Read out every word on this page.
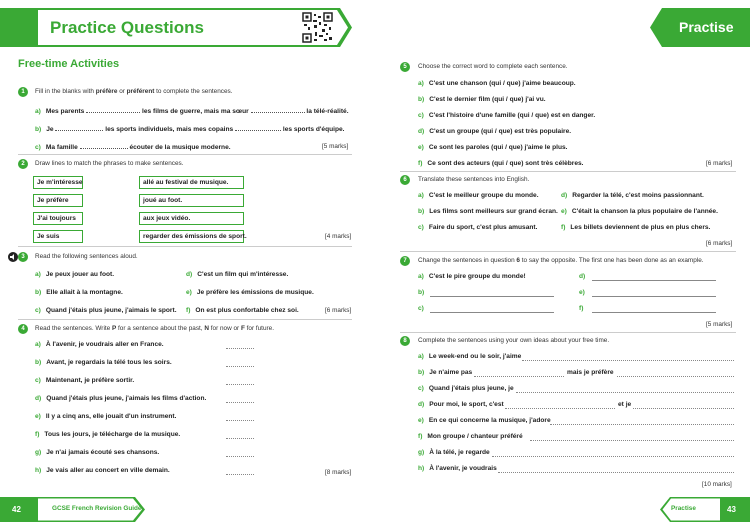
Practice Questions	Practise
Free-time Activities
1	Fill in the blanks with préfère or préférent to complete the sentences.
a) Mes parents	les films de guerre, mais ma sœur	la télé-réalité.
b) Je	les sports individuels, mais mes copains	les sports d'équipe.
c) Ma famille	écouter de la musique moderne.	[5 marks]
2	Draw lines to match the phrases to make sentences.
Je m'intéresse
Je préfère
J'ai toujours
Je suis
allé au festival de musique.
joué au foot.
aux jeux vidéo.
regarder des émissions de sport.	[4 marks]
3	Read the following sentences aloud.
a) Je peux jouer au foot.
b) Elle allait à la montagne.
c) Quand j'étais plus jeune, j'aimais le sport.
d) C'est un film qui m'intéresse.
e) Je préfère les émissions de musique.
f) On est plus confortable chez soi.	[6 marks]
4	Read the sentences. Write P for a sentence about the past, N for now or F for future.
a) À l'avenir, je voudrais aller en France.
b) Avant, je regardais la télé tous les soirs.
c) Maintenant, je préfère sortir.
d) Quand j'étais plus jeune, j'aimais les films d'action.
e) Il y a cinq ans, elle jouait d'un instrument.
f) Tous les jours, je télécharge de la musique.
g) Je n'ai jamais écouté ses chansons.
h) Je vais aller au concert en ville demain.	[8 marks]
5	Choose the correct word to complete each sentence.
a) C'est une chanson (qui / que) j'aime beaucoup.
b) C'est le dernier film (qui / que) j'ai vu.
c) C'est l'histoire d'une famille (qui / que) est en danger.
d) C'est un groupe (qui / que) est très populaire.
e) Ce sont les paroles (qui / que) j'aime le plus.
f) Ce sont des acteurs (qui / que) sont très célèbres.	[6 marks]
6	Translate these sentences into English.
a) C'est le meilleur groupe du monde.
b) Les films sont meilleurs sur grand écran.
c) Faire du sport, c'est plus amusant.
d) Regarder la télé, c'est moins passionnant.
e) C'était la chanson la plus populaire de l'année.
f) Les billets deviennent de plus en plus chers.
[6 marks]
7	Change the sentences in question 6 to say the opposite. The first one has been done as an example.
a) C'est le pire groupe du monde!
b)
c)
d)
e)
f)
[5 marks]
8	Complete the sentences using your own ideas about your free time.
a) Le week-end ou le soir, j'aime
b) Je n'aime pas	mais je préfère
c) Quand j'étais plus jeune, je
d) Pour moi, le sport, c'est	et je
e) En ce qui concerne la musique, j'adore
f) Mon groupe / chanteur préféré
g) À la télé, je regarde
h) À l'avenir, je voudrais
[10 marks]
42	GCSE French Revision Guide	Practise	43
